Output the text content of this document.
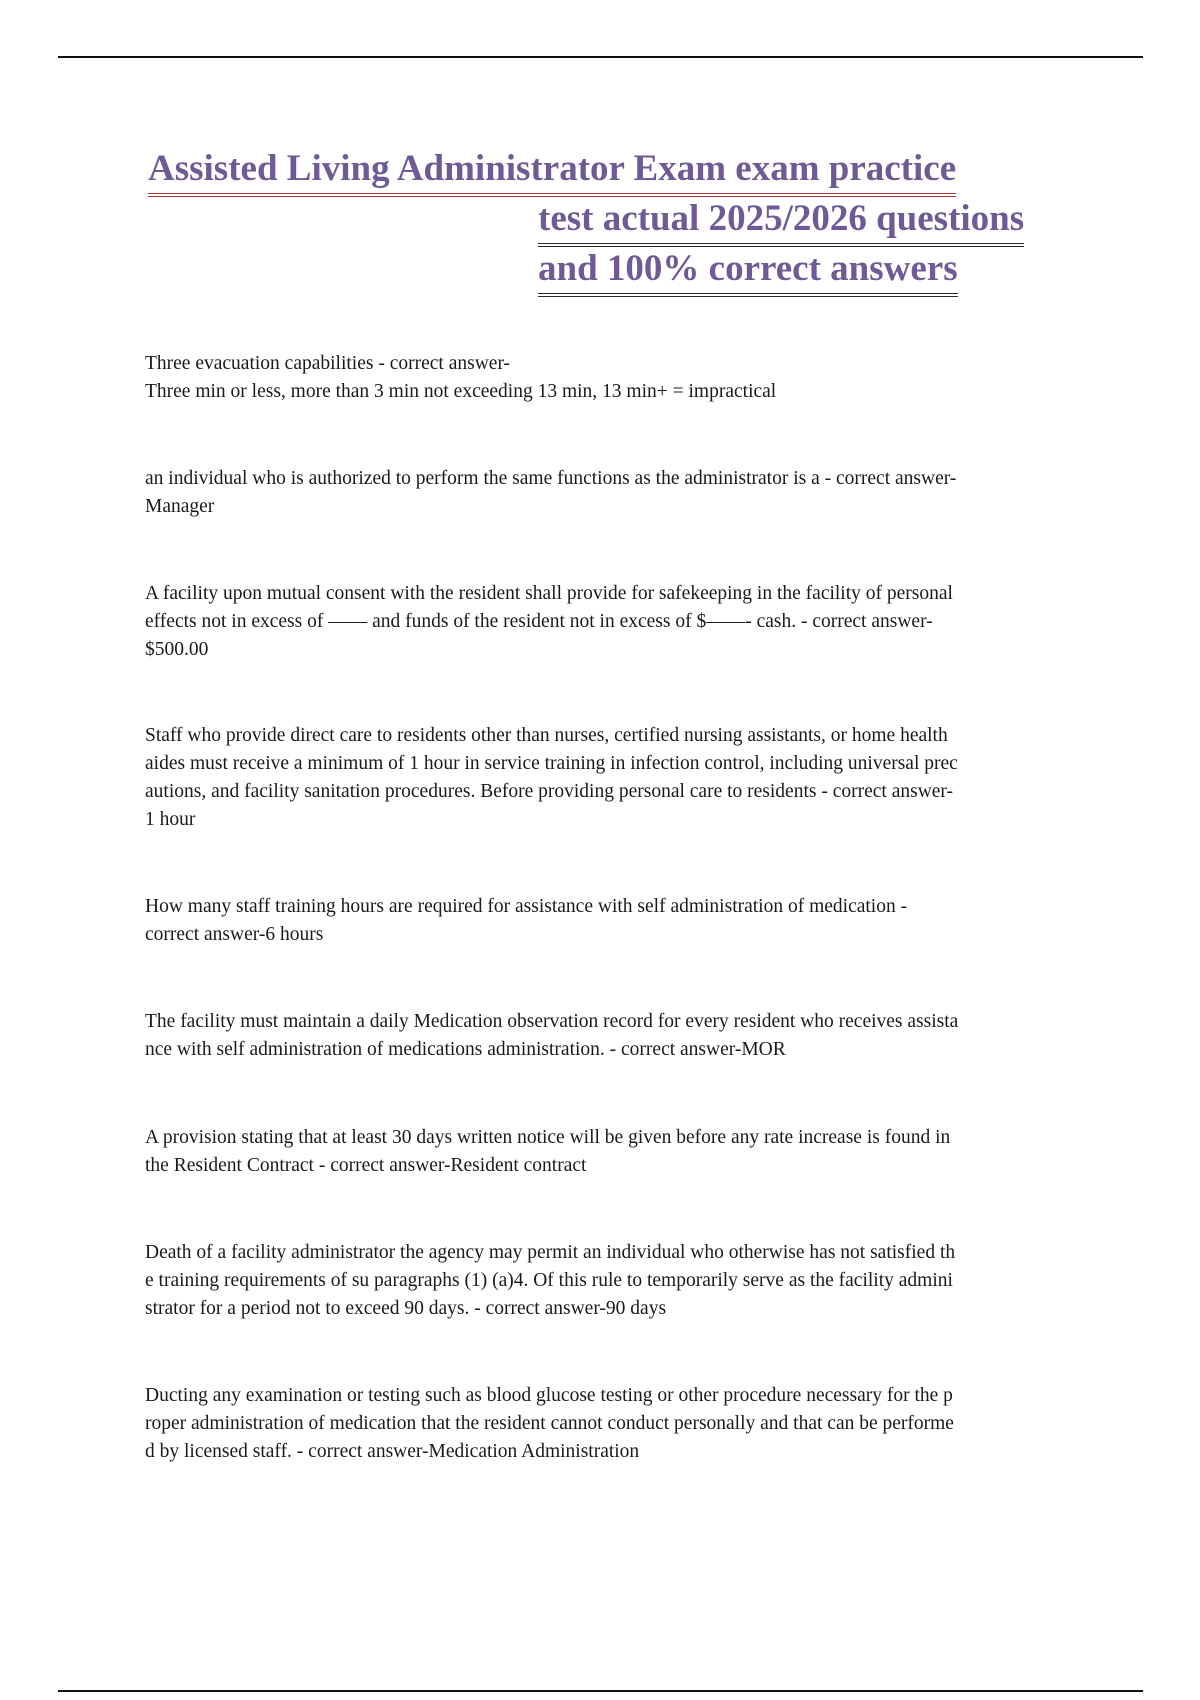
Assisted Living Administrator Exam exam practice
test actual 2025/2026 questions
and 100% correct answers
Three evacuation capabilities - correct answer-
Three min or less, more than 3 min not exceeding 13 min, 13 min+ = impractical
an individual who is authorized to perform the same functions as the administrator is a - correct answer-
Manager
A facility upon mutual consent with the resident shall provide for safekeeping in the facility of personal
effects not in excess of —— and funds of the resident not in excess of $——- cash. - correct answer-
$500.00
Staff who provide direct care to residents other than nurses, certified nursing assistants, or home health
aides must receive a minimum of 1 hour in service training in infection control, including universal prec
autions, and facility sanitation procedures. Before providing personal care to residents - correct answer-
1 hour
How many staff training hours are required for assistance with self administration of medication -
correct answer-6 hours
The facility must maintain a daily Medication observation record for every resident who receives assista
nce with self administration of medications administration. - correct answer-MOR
A provision stating that at least 30 days written notice will be given before any rate increase is found in
the Resident Contract - correct answer-Resident contract
Death of a facility administrator the agency may permit an individual who otherwise has not satisfied th
e training requirements of su paragraphs (1) (a)4. Of this rule to temporarily serve as the facility admini
strator for a period not to exceed 90 days. - correct answer-90 days
Ducting any examination or testing such as blood glucose testing or other procedure necessary for the p
roper administration of medication that the resident cannot conduct personally and that can be performe
d by licensed staff. - correct answer-Medication Administration
